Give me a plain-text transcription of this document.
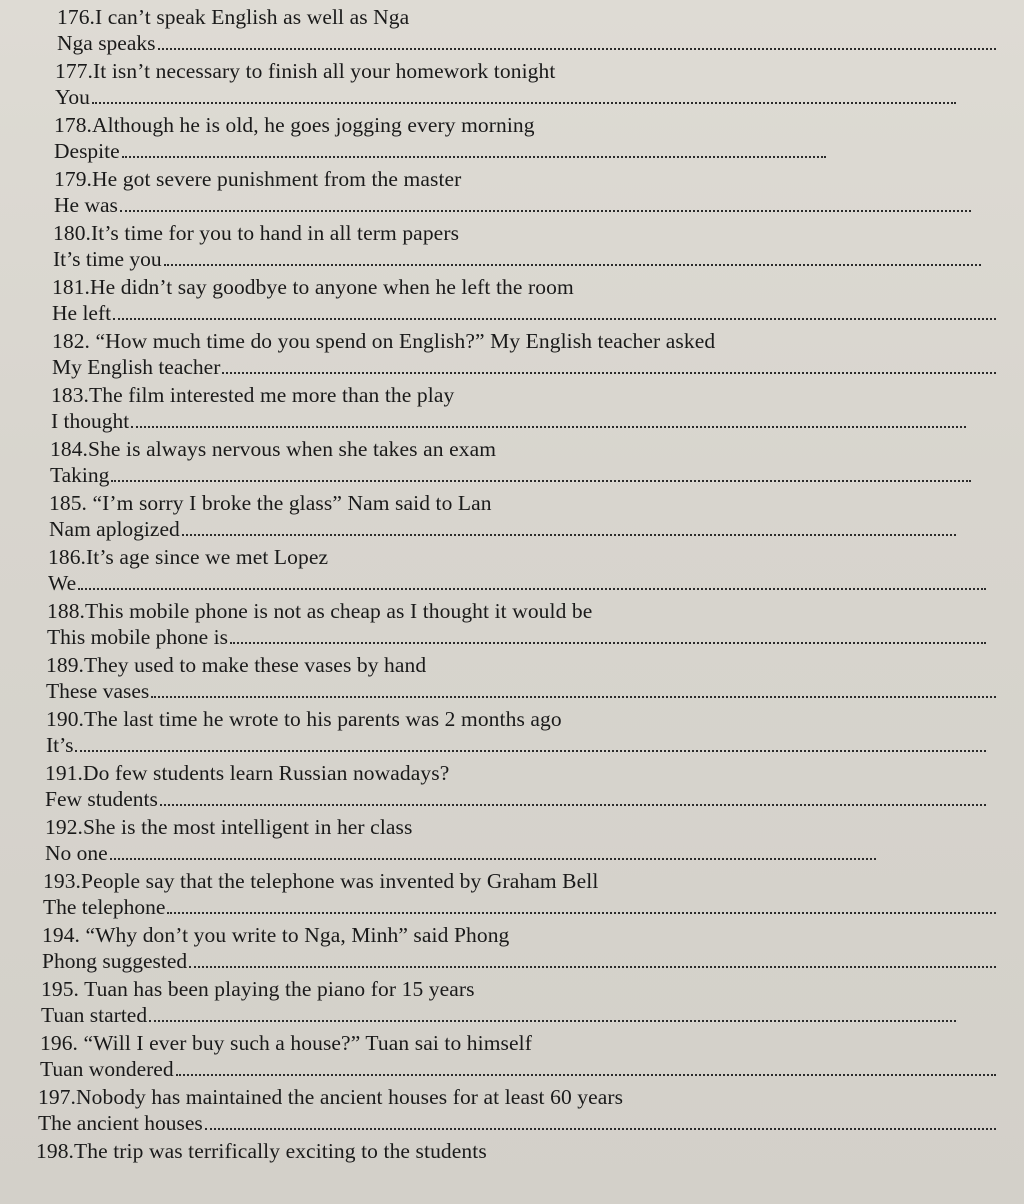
176.I can’t speak English as well as Nga
Nga speaks
177.It isn’t necessary to finish all your homework tonight
You
178.Although he is old, he goes jogging every morning
Despite
179.He got severe punishment from the master
He was
180.It’s time for you to hand in all term papers
It’s time you
181.He didn’t say goodbye to anyone when he left the room
He left
182. “How much time do you spend on English?” My English teacher asked
My English teacher
183.The film interested me more than the play
I thought
184.She is always nervous when she takes an exam
Taking
185. “I’m sorry I broke the glass” Nam said to Lan
Nam aplogized
186.It’s age since we met Lopez
We
188.This mobile phone is not as cheap as I thought it would be
This mobile phone is
189.They used to make these vases by hand
These vases
190.The last time he wrote to his parents was 2 months ago
It’s
191.Do few students learn Russian nowadays?
Few students
192.She is the most intelligent in her class
No one
193.People say that the telephone was invented by Graham Bell
The telephone
194. “Why don’t you write to Nga, Minh” said Phong
Phong suggested
195. Tuan has been playing the piano for 15 years
Tuan started
196. “Will I ever buy such a house?” Tuan sai to himself
Tuan wondered
197.Nobody has maintained the ancient houses for at least 60 years
The ancient houses
198.The trip was terrifically exciting to the students
